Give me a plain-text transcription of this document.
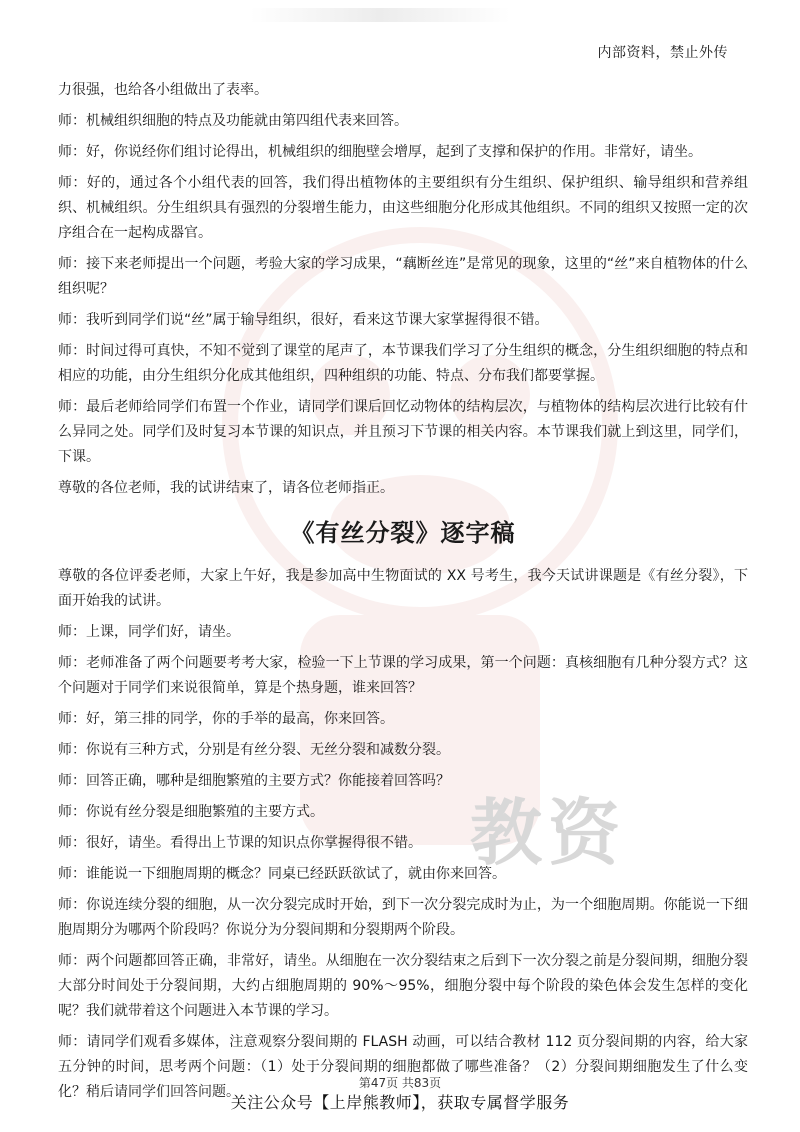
内部资料，禁止外传
教资

力很强，也给各小组做出了表率。

师：机械组织细胞的特点及功能就由第四组代表来回答。

师：好，你说经你们组讨论得出，机械组织的细胞壁会增厚，起到了支撑和保护的作用。非常好，请坐。

师：好的，通过各个小组代表的回答，我们得出植物体的主要组织有分生组织、保护组织、输导组织和营养组织、机械组织。分生组织具有强烈的分裂增生能力，由这些细胞分化形成其他组织。不同的组织又按照一定的次序组合在一起构成器官。

师：接下来老师提出一个问题，考验大家的学习成果，“藕断丝连”是常见的现象，这里的“丝”来自植物体的什么组织呢？

师：我听到同学们说“丝”属于输导组织，很好，看来这节课大家掌握得很不错。

师：时间过得可真快，不知不觉到了课堂的尾声了，本节课我们学习了分生组织的概念，分生组织细胞的特点和相应的功能，由分生组织分化成其他组织，四种组织的功能、特点、分布我们都要掌握。

师：最后老师给同学们布置一个作业，请同学们课后回忆动物体的结构层次，与植物体的结构层次进行比较有什么异同之处。同学们及时复习本节课的知识点，并且预习下节课的相关内容。本节课我们就上到这里，同学们，下课。

尊敬的各位老师，我的试讲结束了，请各位老师指正。

《有丝分裂》逐字稿

尊敬的各位评委老师，大家上午好，我是参加高中生物面试的 XX 号考生，我今天试讲课题是《有丝分裂》，下面开始我的试讲。

师：上课，同学们好，请坐。

师：老师准备了两个问题要考考大家，检验一下上节课的学习成果，第一个问题：真核细胞有几种分裂方式？这个问题对于同学们来说很简单，算是个热身题，谁来回答？

师：好，第三排的同学，你的手举的最高，你来回答。

师：你说有三种方式，分别是有丝分裂、无丝分裂和减数分裂。

师：回答正确，哪种是细胞繁殖的主要方式？你能接着回答吗？

师：你说有丝分裂是细胞繁殖的主要方式。

师：很好，请坐。看得出上节课的知识点你掌握得很不错。

师：谁能说一下细胞周期的概念？同桌已经跃跃欲试了，就由你来回答。

师：你说连续分裂的细胞，从一次分裂完成时开始，到下一次分裂完成时为止，为一个细胞周期。你能说一下细胞周期分为哪两个阶段吗？你说分为分裂间期和分裂期两个阶段。

师：两个问题都回答正确，非常好，请坐。从细胞在一次分裂结束之后到下一次分裂之前是分裂间期，细胞分裂大部分时间处于分裂间期，大约占细胞周期的 90%～95%，细胞分裂中每个阶段的染色体会发生怎样的变化呢？我们就带着这个问题进入本节课的学习。

师：请同学们观看多媒体，注意观察分裂间期的 FLASH 动画，可以结合教材 112 页分裂间期的内容，给大家五分钟的时间，思考两个问题：（1）处于分裂间期的细胞都做了哪些准备？（2）分裂间期细胞发生了什么变化？稍后请同学们回答问题。

第47页 共83页
关注公众号【上岸熊教师】，获取专属督学服务
